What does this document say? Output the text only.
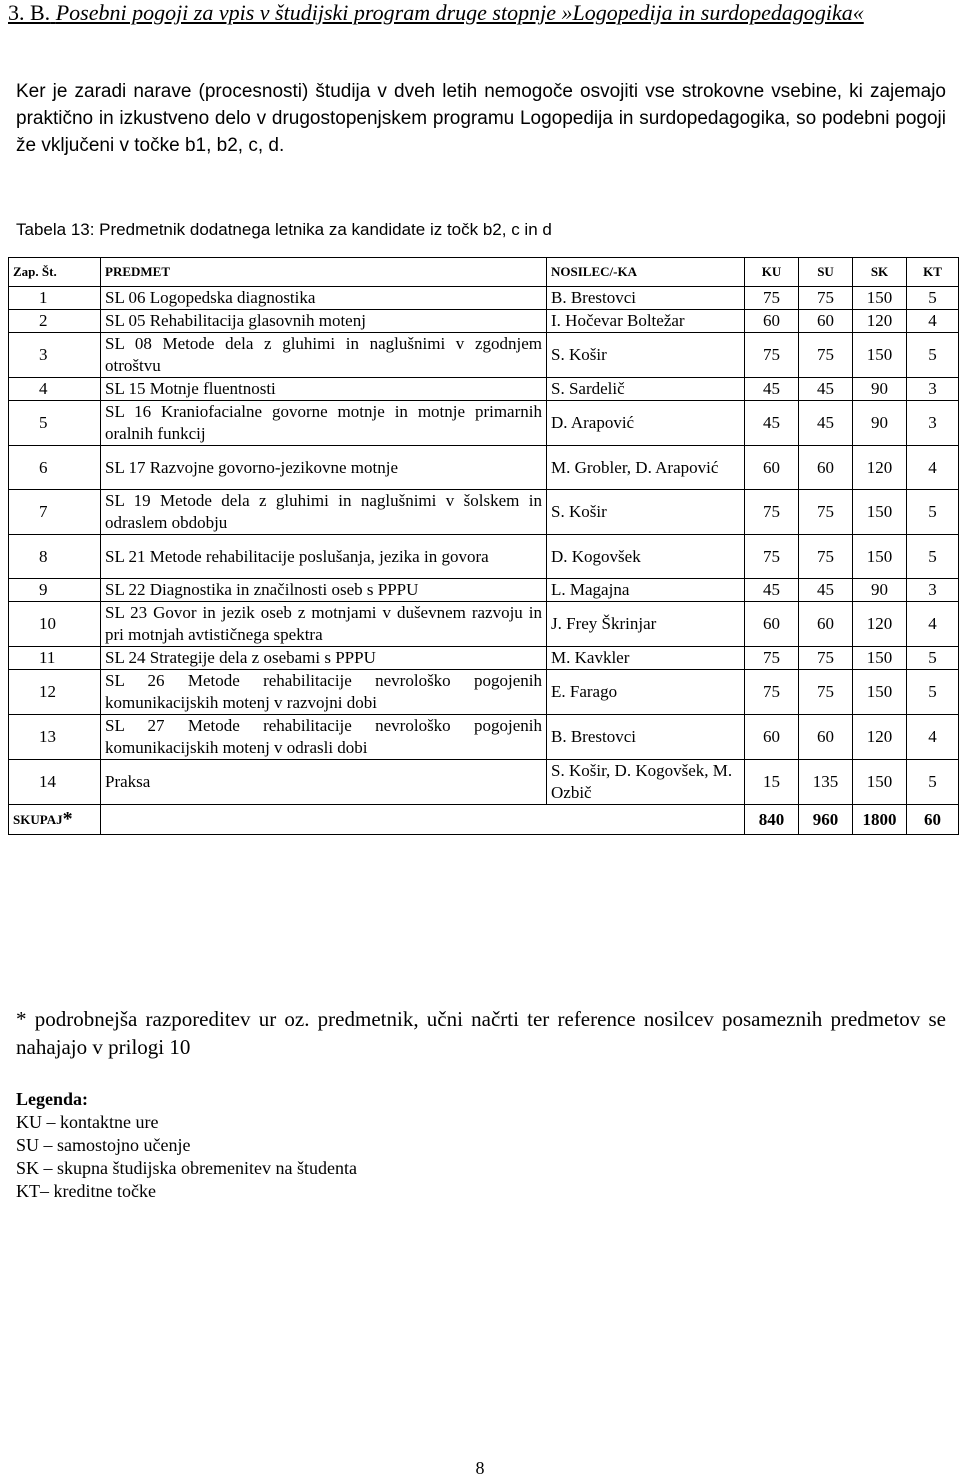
3. B. Posebni pogoji za vpis v študijski program druge stopnje »Logopedija in surdopedagogika«
Ker je zaradi narave (procesnosti) študija v dveh letih nemogoče osvojiti vse strokovne vsebine, ki zajemajo praktično in izkustveno delo v drugostopenjskem programu Logopedija in surdopedagogika, so podebni pogoji že vključeni v točke b1, b2, c, d.
Tabela 13: Predmetnik dodatnega letnika za kandidate iz točk b2, c in d
Zap. Št.	PREDMET	NOSILEC/-KA	KU	SU	SK	KT
1	SL 06 Logopedska diagnostika	B. Brestovci	75	75	150	5
2	SL 05 Rehabilitacija glasovnih motenj	I. Hočevar Boltežar	60	60	120	4
3	SL 08 Metode dela z gluhimi in naglušnimi v zgodnjem otroštvu	S. Košir	75	75	150	5
4	SL 15 Motnje fluentnosti	S. Sardelič	45	45	90	3
5	SL 16 Kraniofacialne govorne motnje in motnje primarnih oralnih funkcij	D. Arapović	45	45	90	3
6	SL 17 Razvojne govorno-jezikovne motnje	M. Grobler, D. Arapović	60	60	120	4
7	SL 19 Metode dela z gluhimi in naglušnimi v šolskem in odraslem obdobju	S. Košir	75	75	150	5
8	SL 21 Metode rehabilitacije poslušanja, jezika in govora	D. Kogovšek	75	75	150	5
9	SL 22 Diagnostika in značilnosti oseb s PPPU	L. Magajna	45	45	90	3
10	SL 23 Govor in jezik oseb z motnjami v duševnem razvoju in pri motnjah avtističnega spektra	J. Frey Škrinjar	60	60	120	4
11	SL 24 Strategije dela z osebami s PPPU	M. Kavkler	75	75	150	5
12	SL 26 Metode rehabilitacije nevrološko pogojenih komunikacijskih motenj v razvojni dobi	E. Farago	75	75	150	5
13	SL 27 Metode rehabilitacije nevrološko pogojenih komunikacijskih motenj v odrasli dobi	B. Brestovci	60	60	120	4
14	Praksa	S. Košir, D. Kogovšek, M. Ozbič	15	135	150	5
SKUPAJ*			840	960	1800	60
* podrobnejša razporeditev ur oz. predmetnik, učni načrti ter reference nosilcev posameznih predmetov se nahajajo v prilogi 10
Legenda:
KU – kontaktne ure
SU – samostojno učenje
SK – skupna študijska obremenitev na študenta
KT– kreditne točke
8
